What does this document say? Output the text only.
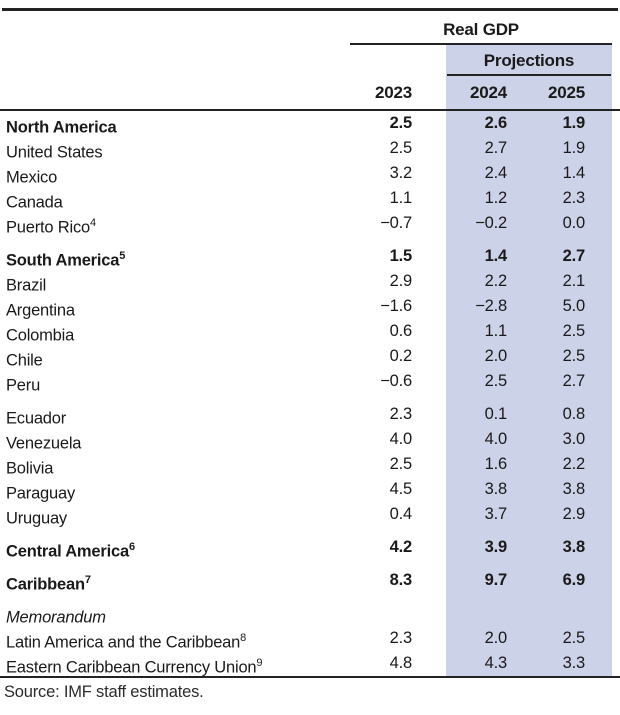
Real GDP
Projections
2023	2024	2025
North America	2.5	2.6	1.9
United States	2.5	2.7	1.9
Mexico	3.2	2.4	1.4
Canada	1.1	1.2	2.3
Puerto Rico$^4$	−0.7	−0.2	0.0
South America$^5$	1.5	1.4	2.7
Brazil	2.9	2.2	2.1
Argentina	−1.6	−2.8	5.0
Colombia	0.6	1.1	2.5
Chile	0.2	2.0	2.5
Peru	−0.6	2.5	2.7
Ecuador	2.3	0.1	0.8
Venezuela	4.0	4.0	3.0
Bolivia	2.5	1.6	2.2
Paraguay	4.5	3.8	3.8
Uruguay	0.4	3.7	2.9
Central America$^6$	4.2	3.9	3.8
Caribbean$^7$	8.3	9.7	6.9
Memorandum
Latin America and the Caribbean$^8$	2.3	2.0	2.5
Eastern Caribbean Currency Union$^9$	4.8	4.3	3.3
Source: IMF staff estimates.
